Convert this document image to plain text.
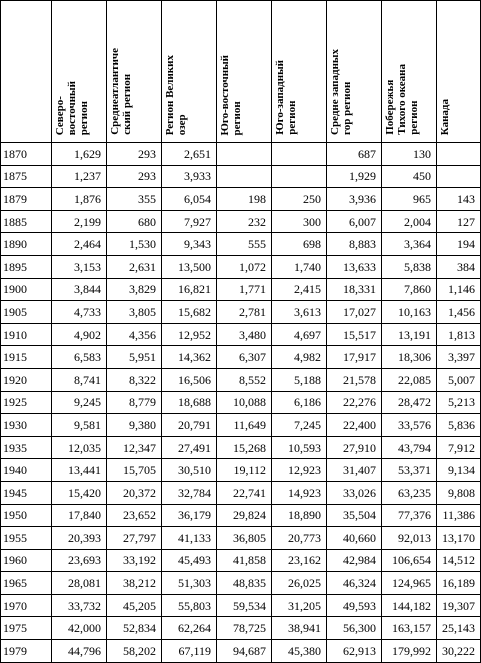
	Северо-
восточный
регион	Среднеатлантиче
ский регион	Регион Великих
озер	Юго-восточный
регион	Юго-западный
регион	Средне западных
гор регион	Побережья
Тихого океана
регион	Канада
1870	1,629	293	2,651			687	130	
1875	1,237	293	3,933			1,929	450	
1879	1,876	355	6,054	198	250	3,936	965	143
1885	2,199	680	7,927	232	300	6,007	2,004	127
1890	2,464	1,530	9,343	555	698	8,883	3,364	194
1895	3,153	2,631	13,500	1,072	1,740	13,633	5,838	384
1900	3,844	3,829	16,821	1,771	2,415	18,331	7,860	1,146
1905	4,733	3,805	15,682	2,781	3,613	17,027	10,163	1,456
1910	4,902	4,356	12,952	3,480	4,697	15,517	13,191	1,813
1915	6,583	5,951	14,362	6,307	4,982	17,917	18,306	3,397
1920	8,741	8,322	16,506	8,552	5,188	21,578	22,085	5,007
1925	9,245	8,779	18,688	10,088	6,186	22,276	28,472	5,213
1930	9,581	9,380	20,791	11,649	7,245	22,400	33,576	5,836
1935	12,035	12,347	27,491	15,268	10,593	27,910	43,794	7,912
1940	13,441	15,705	30,510	19,112	12,923	31,407	53,371	9,134
1945	15,420	20,372	32,784	22,741	14,923	33,026	63,235	9,808
1950	17,840	23,652	36,179	29,824	18,890	35,504	77,376	11,386
1955	20,393	27,797	41,133	36,805	20,773	40,660	92,013	13,170
1960	23,693	33,192	45,493	41,858	23,162	42,984	106,654	14,512
1965	28,081	38,212	51,303	48,835	26,025	46,324	124,965	16,189
1970	33,732	45,205	55,803	59,534	31,205	49,593	144,182	19,307
1975	42,000	52,834	62,264	78,725	38,941	56,300	163,157	25,143
1979	44,796	58,202	67,119	94,687	45,380	62,913	179,992	30,222
